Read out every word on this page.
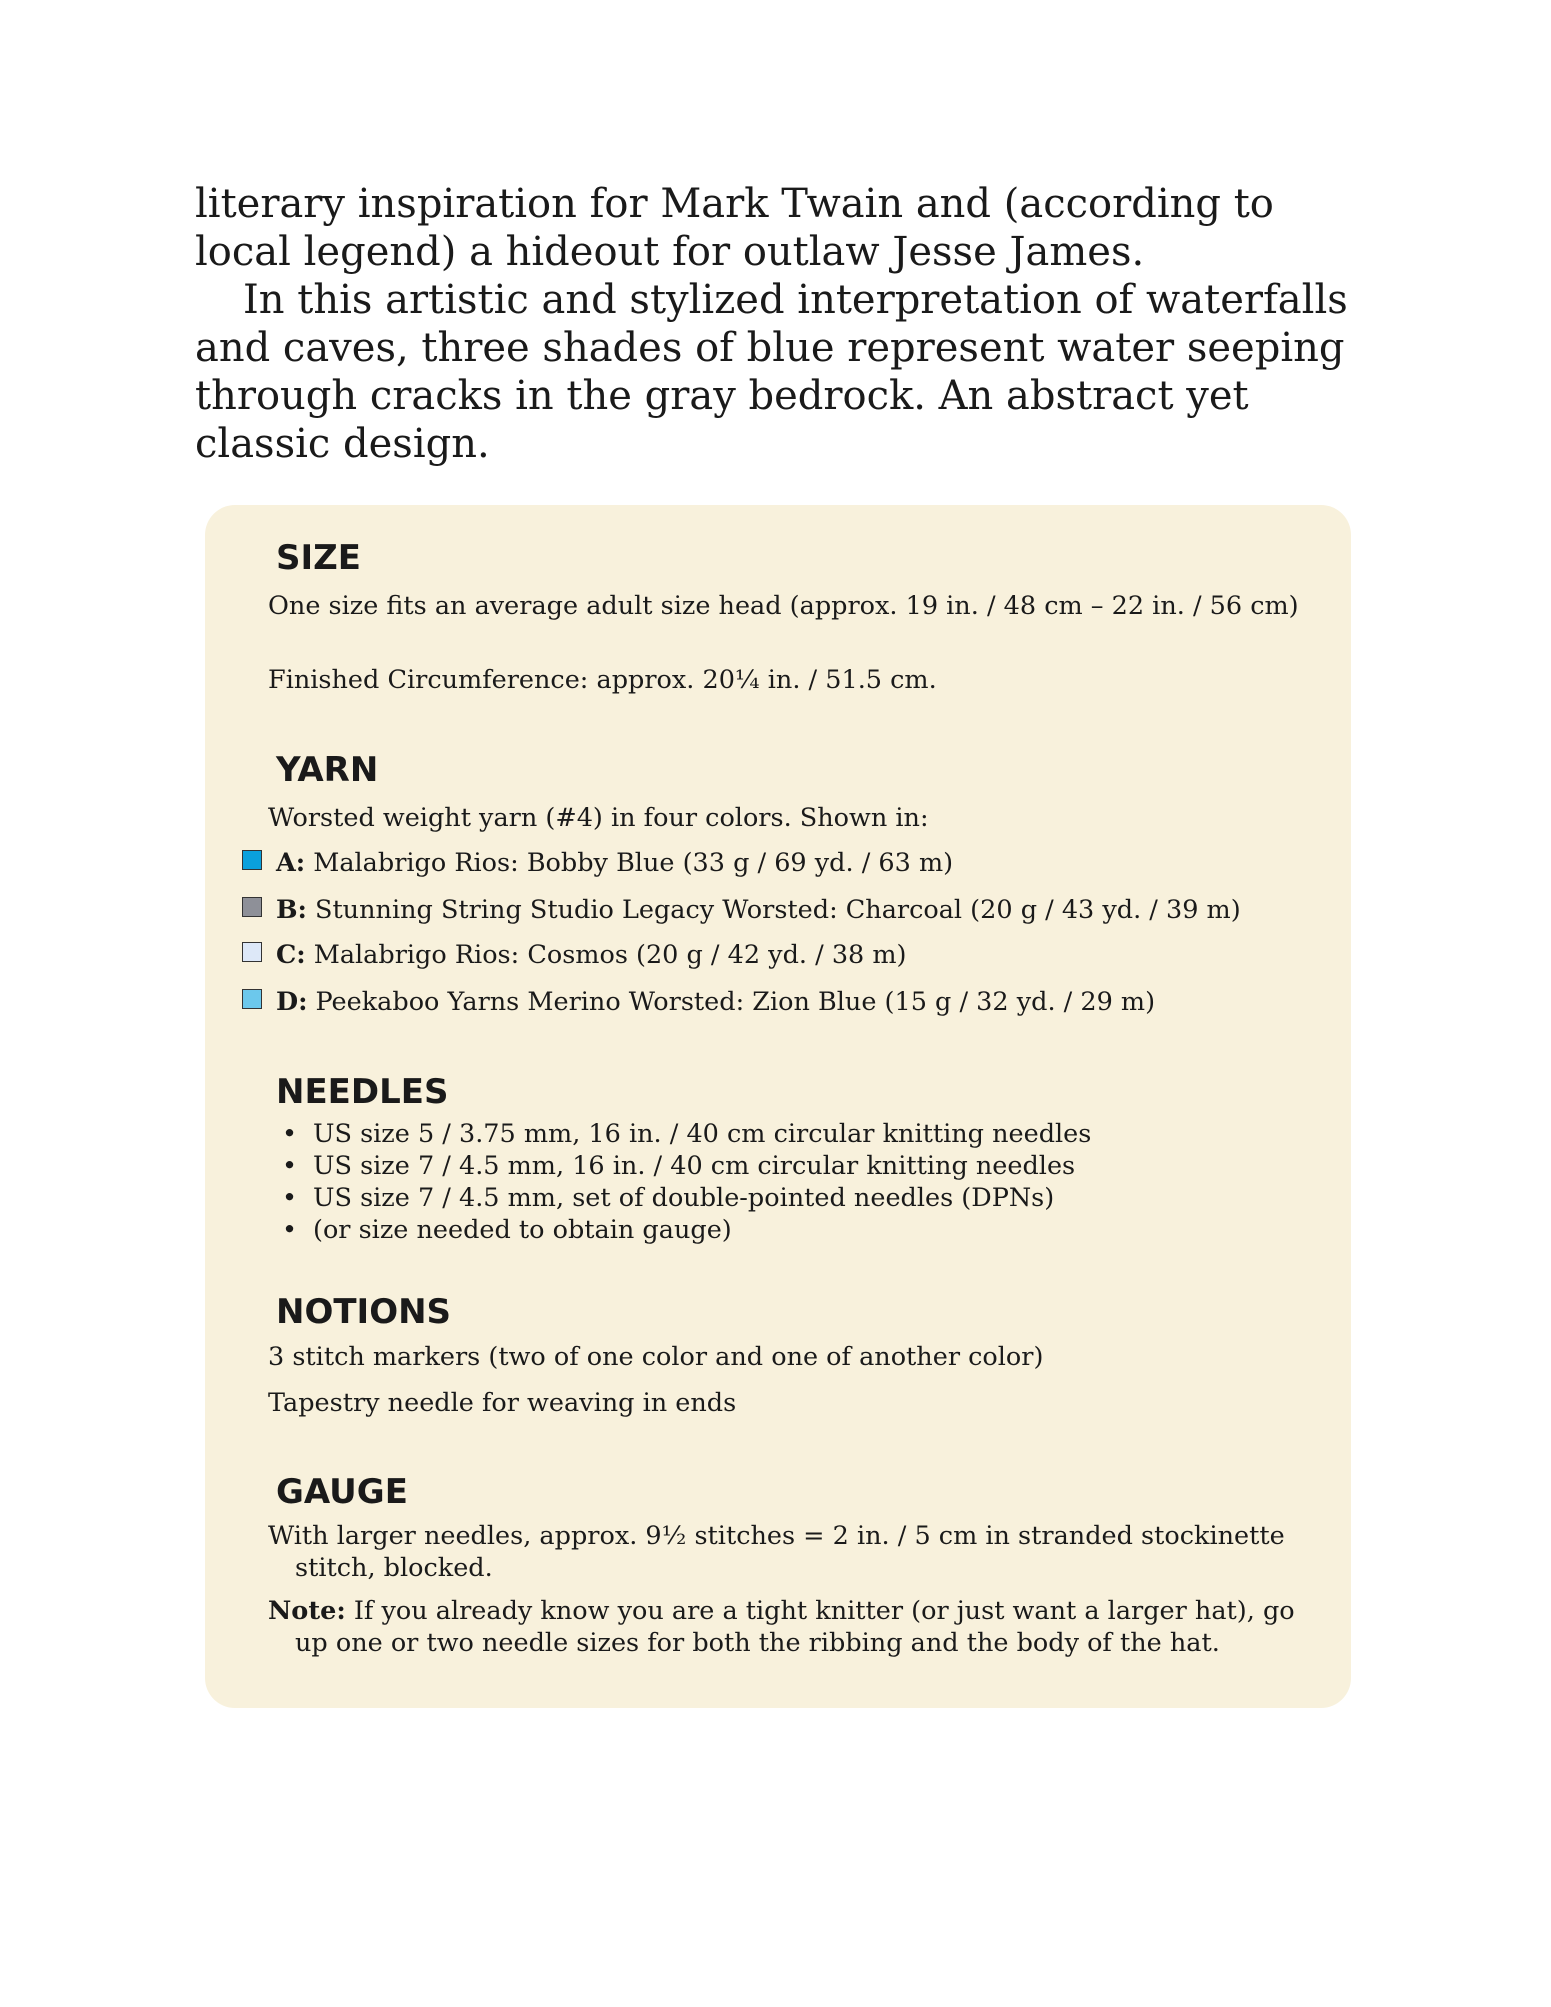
literary inspiration for Mark Twain and (according to local legend) a hideout for outlaw Jesse James.

In this artistic and stylized interpretation of waterfalls and caves, three shades of blue represent water seeping through cracks in the gray bedrock. An abstract yet classic design.

SIZE

One size fits an average adult size head (approx. 19 in. / 48 cm – 22 in. / 56 cm)

Finished Circumference: approx. 20¼ in. / 51.5 cm.

YARN

Worsted weight yarn (#4) in four colors. Shown in:

A: Malabrigo Rios: Bobby Blue (33 g / 69 yd. / 63 m)
B: Stunning String Studio Legacy Worsted: Charcoal (20 g / 43 yd. / 39 m)
C: Malabrigo Rios: Cosmos (20 g / 42 yd. / 38 m)
D: Peekaboo Yarns Merino Worsted: Zion Blue (15 g / 32 yd. / 29 m)
NEEDLES
• US size 5 / 3.75 mm, 16 in. / 40 cm circular knitting needles
• US size 7 / 4.5 mm, 16 in. / 40 cm circular knitting needles
• US size 7 / 4.5 mm, set of double-pointed needles (DPNs)
• (or size needed to obtain gauge)
NOTIONS

3 stitch markers (two of one color and one of another color)

Tapestry needle for weaving in ends

GAUGE

With larger needles, approx. 9½ stitches = 2 in. / 5 cm in stranded stockinette stitch, blocked.

Note: If you already know you are a tight knitter (or just want a larger hat), go up one or two needle sizes for both the ribbing and the body of the hat.
